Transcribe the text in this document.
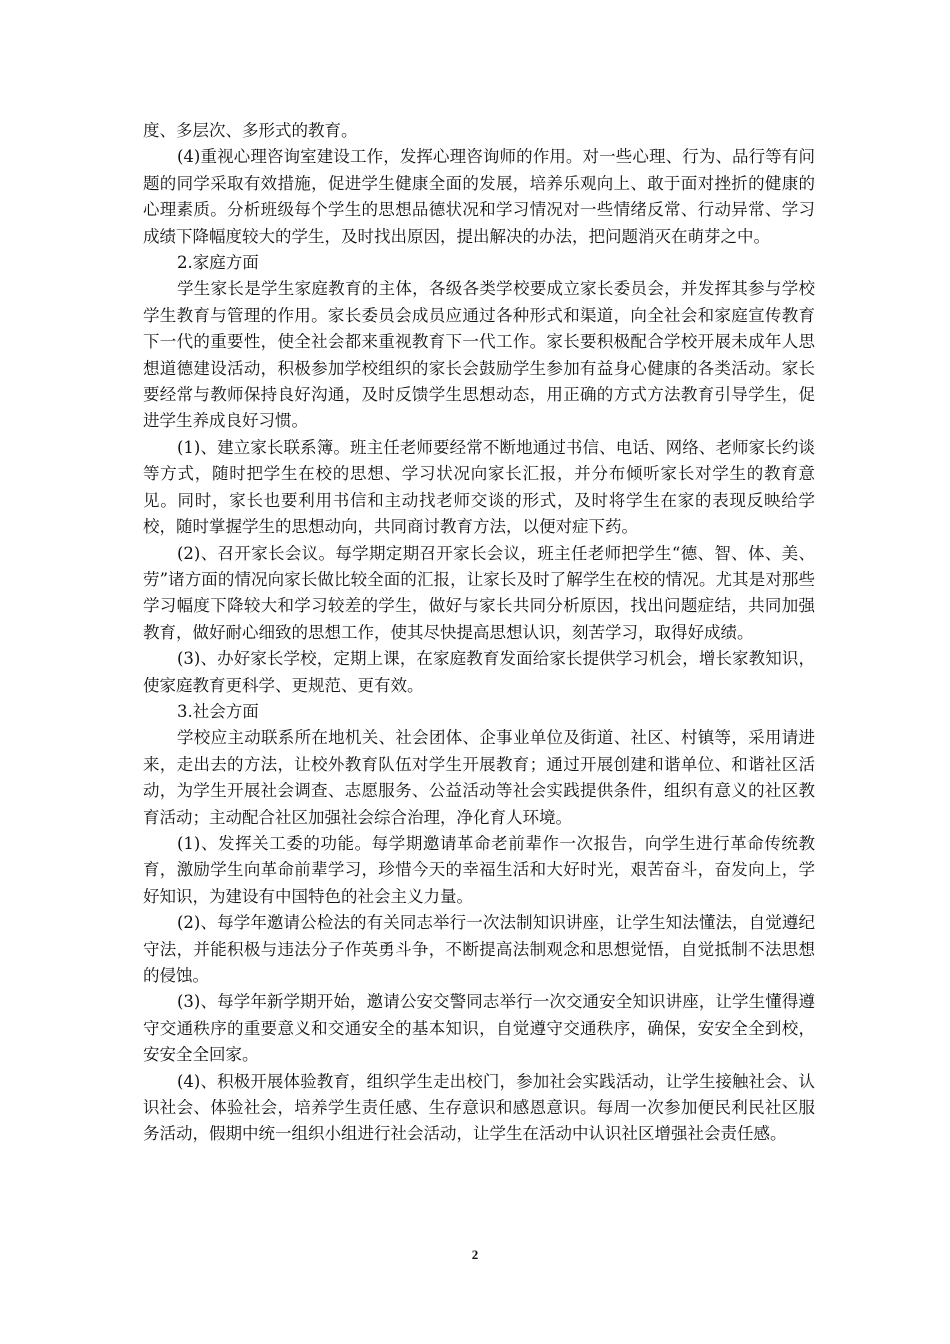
度、多层次、多形式的教育。

(4)重视心理咨询室建设工作，发挥心理咨询师的作用。对一些心理、行为、品行等有问题的同学采取有效措施，促进学生健康全面的发展，培养乐观向上、敢于面对挫折的健康的心理素质。分析班级每个学生的思想品德状况和学习情况对一些情绪反常、行动异常、学习成绩下降幅度较大的学生，及时找出原因，提出解决的办法，把问题消灭在萌芽之中。

2.家庭方面

学生家长是学生家庭教育的主体，各级各类学校要成立家长委员会，并发挥其参与学校学生教育与管理的作用。家长委员会成员应通过各种形式和渠道，向全社会和家庭宣传教育下一代的重要性，使全社会都来重视教育下一代工作。家长要积极配合学校开展未成年人思想道德建设活动，积极参加学校组织的家长会鼓励学生参加有益身心健康的各类活动。家长要经常与教师保持良好沟通，及时反馈学生思想动态，用正确的方式方法教育引导学生，促进学生养成良好习惯。

(1)、建立家长联系簿。班主任老师要经常不断地通过书信、电话、网络、老师家长约谈等方式，随时把学生在校的思想、学习状况向家长汇报，并分布倾听家长对学生的教育意见。同时，家长也要利用书信和主动找老师交谈的形式，及时将学生在家的表现反映给学校，随时掌握学生的思想动向，共同商讨教育方法，以便对症下药。

(2)、召开家长会议。每学期定期召开家长会议，班主任老师把学生“德、智、体、美、劳”诸方面的情况向家长做比较全面的汇报，让家长及时了解学生在校的情况。尤其是对那些学习幅度下降较大和学习较差的学生，做好与家长共同分析原因，找出问题症结，共同加强教育，做好耐心细致的思想工作，使其尽快提高思想认识，刻苦学习，取得好成绩。

(3)、办好家长学校，定期上课，在家庭教育发面给家长提供学习机会，增长家教知识，使家庭教育更科学、更规范、更有效。

3.社会方面

学校应主动联系所在地机关、社会团体、企事业单位及街道、社区、村镇等，采用请进来，走出去的方法，让校外教育队伍对学生开展教育；通过开展创建和谐单位、和谐社区活动，为学生开展社会调查、志愿服务、公益活动等社会实践提供条件，组织有意义的社区教育活动；主动配合社区加强社会综合治理，净化育人环境。

(1)、发挥关工委的功能。每学期邀请革命老前辈作一次报告，向学生进行革命传统教育，激励学生向革命前辈学习，珍惜今天的幸福生活和大好时光，艰苦奋斗，奋发向上，学好知识，为建设有中国特色的社会主义力量。

(2)、每学年邀请公检法的有关同志举行一次法制知识讲座，让学生知法懂法，自觉遵纪守法，并能积极与违法分子作英勇斗争，不断提高法制观念和思想觉悟，自觉抵制不法思想的侵蚀。

(3)、每学年新学期开始，邀请公安交警同志举行一次交通安全知识讲座，让学生懂得遵守交通秩序的重要意义和交通安全的基本知识，自觉遵守交通秩序，确保，安安全全到校，安安全全回家。

(4)、积极开展体验教育，组织学生走出校门，参加社会实践活动，让学生接触社会、认识社会、体验社会，培养学生责任感、生存意识和感恩意识。每周一次参加便民利民社区服务活动，假期中统一组织小组进行社会活动，让学生在活动中认识社区增强社会责任感。

2
